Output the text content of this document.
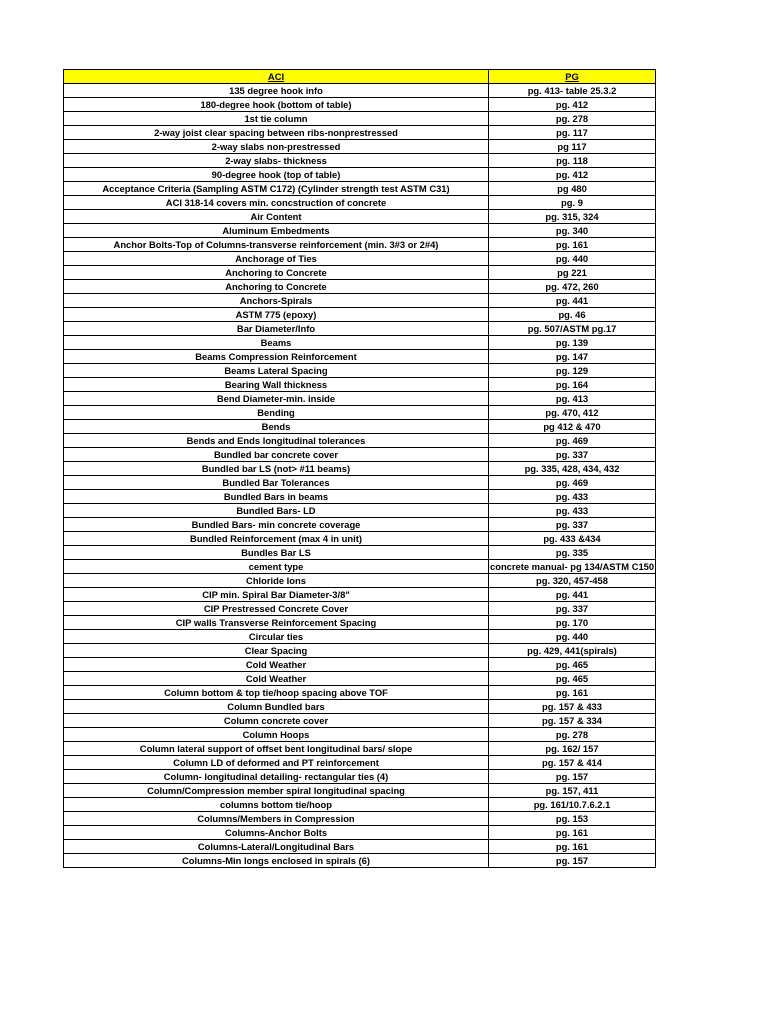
ACI	PG
135 degree hook info	pg. 413- table 25.3.2
180-degree hook (bottom of table)	pg. 412
1st tie column	pg. 278
2-way joist clear spacing between ribs-nonprestressed	pg. 117
2-way slabs non-prestressed	pg 117
2-way slabs- thickness	pg. 118
90-degree hook (top of table)	pg. 412
Acceptance Criteria (Sampling ASTM C172) (Cylinder strength test ASTM C31)	pg 480
ACI 318-14 covers min. concstruction of concrete	pg. 9
Air Content	pg. 315, 324
Aluminum Embedments	pg. 340
Anchor Bolts-Top of Columns-transverse reinforcement (min. 3#3 or 2#4)	pg. 161
Anchorage of Ties	pg. 440
Anchoring to Concrete	pg 221
Anchoring to Concrete	pg. 472, 260
Anchors-Spirals	pg. 441
ASTM 775 (epoxy)	pg. 46
Bar Diameter/Info	pg. 507/ASTM pg.17
Beams	pg. 139
Beams Compression Reinforcement	pg. 147
Beams Lateral Spacing	pg. 129
Bearing Wall thickness	pg. 164
Bend Diameter-min. inside	pg. 413
Bending	pg. 470, 412
Bends	pg 412 & 470
Bends and Ends longitudinal tolerances	pg. 469
Bundled bar concrete cover	pg. 337
Bundled bar LS (not> #11 beams)	pg. 335, 428, 434, 432
Bundled Bar Tolerances	pg. 469
Bundled Bars in beams	pg. 433
Bundled Bars- LD	pg. 433
Bundled Bars- min concrete coverage	pg. 337
Bundled Reinforcement (max 4 in unit)	pg. 433 &434
Bundles Bar LS	pg. 335
cement type	concrete manual- pg 134/ASTM C150
Chloride Ions	pg. 320, 457-458
CIP min. Spiral Bar Diameter-3/8"	pg. 441
CIP Prestressed Concrete Cover	pg. 337
CIP walls Transverse Reinforcement Spacing	pg. 170
Circular ties	pg. 440
Clear Spacing	pg. 429, 441(spirals)
Cold Weather	pg. 465
Cold Weather	pg. 465
Column bottom & top tie/hoop spacing above TOF	pg. 161
Column Bundled bars	pg. 157 & 433
Column concrete cover	pg. 157 & 334
Column Hoops	pg. 278
Column lateral support of offset bent longitudinal bars/ slope	pg. 162/ 157
Column LD of deformed and PT reinforcement	pg. 157 & 414
Column- longitudinal detailing- rectangular ties (4)	pg. 157
Column/Compression member spiral longitudinal spacing	pg. 157, 411
columns bottom tie/hoop	pg. 161/10.7.6.2.1
Columns/Members in Compression	pg. 153
Columns-Anchor Bolts	pg. 161
Columns-Lateral/Longitudinal Bars	pg. 161
Columns-Min longs enclosed in spirals (6)	pg. 157
